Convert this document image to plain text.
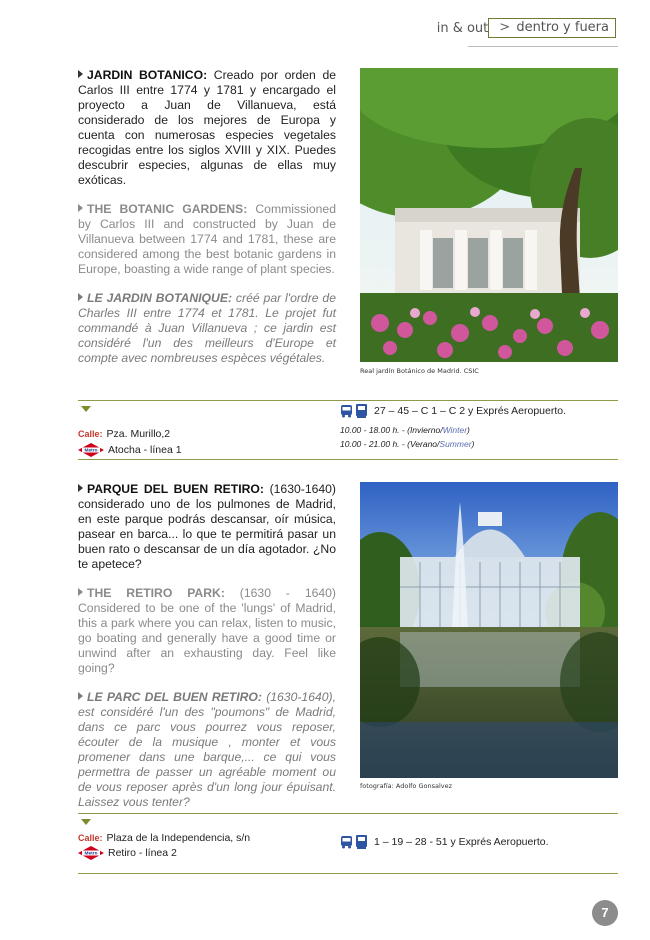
in & out > dentro y fuera

JARDIN BOTANICO: Creado por orden de Carlos III entre 1774 y 1781 y encargado el proyecto a Juan de Villanueva, está considerado de los mejores de Europa y cuenta con numerosas especies vegetales recogidas entre los siglos XVIII y XIX. Puedes descubrir especies, algunas de ellas muy exóticas.

THE BOTANIC GARDENS: Commissioned by Carlos III and constructed by Juan de Villanueva between 1774 and 1781, these are considered among the best botanic gardens in Europe, boasting a wide range of plant species.

LE JARDIN BOTANIQUE: créé par l'ordre de Charles III entre 1774 et 1781. Le projet fut commandé à Juan Villanueva ; ce jardin est considéré l'un des meilleurs d'Europe et compte avec nombreuses espèces végétales.

Real jardín Botánico de Madrid. CSIC
Calle: Pza. Murillo,2
Metro Atocha - línea 1
27 – 45 – C 1 – C 2 y Exprés Aeropuerto.
10.00 - 18.00 h. - (Invierno/Winter)
10.00 - 21.00 h. - (Verano/Summer)

PARQUE DEL BUEN RETIRO: (1630-1640) considerado uno de los pulmones de Madrid, en este parque podrás descansar, oír música, pasear en barca... lo que te permitirá pasar un buen rato o descansar de un día agotador. ¿No te apetece?

THE RETIRO PARK: (1630 - 1640) Considered to be one of the 'lungs' of Madrid, this a park where you can relax, listen to music, go boating and generally have a good time or unwind after an exhausting day. Feel like going?

LE PARC DEL BUEN RETIRO: (1630-1640), est considéré l'un des "poumons" de Madrid, dans ce parc vous pourrez vous reposer, écouter de la musique , monter et vous promener dans une barque,... ce qui vous permettra de passer un agréable moment ou de vous reposer après d'un long jour épuisant. Laissez vous tenter?

fotografía: Adolfo Gonsalvez
Calle: Plaza de la Independencia, s/n
Metro Retiro - línea 2
1 – 19 – 28 - 51 y Exprés Aeropuerto.
7
